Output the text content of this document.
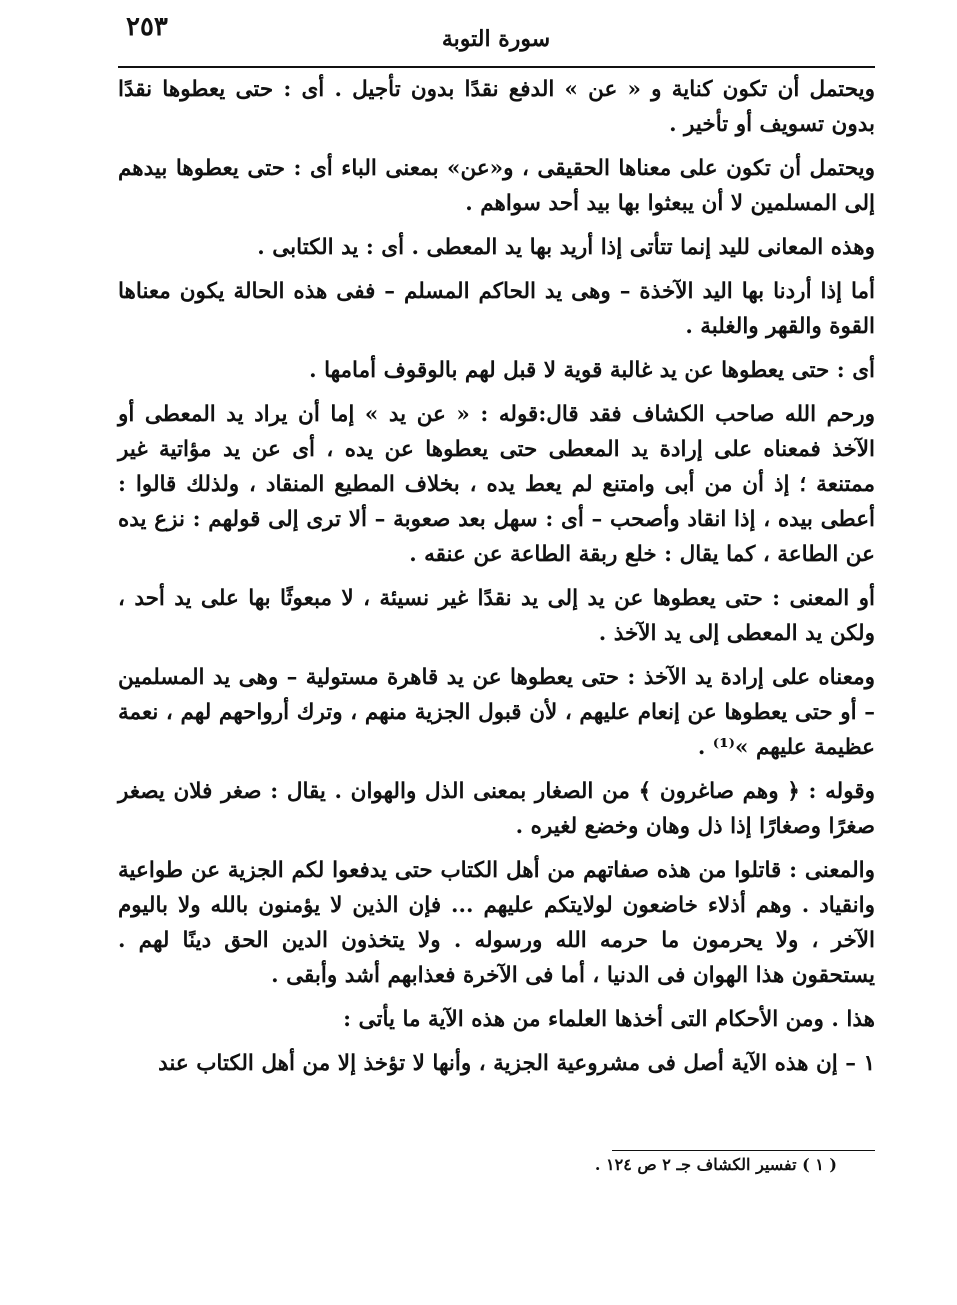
٢٥٣	سورة التوبة

ويحتمل أن تكون كناية و « عن » الدفع نقدًا بدون تأجيل . أى : حتى يعطوها نقدًا بدون تسويف أو تأخير .

ويحتمل أن تكون على معناها الحقيقى ، و«عن» بمعنى الباء أى : حتى يعطوها بيدهم إلى المسلمين لا أن يبعثوا بها بيد أحد سواهم .

وهذه المعانى لليد إنما تتأتى إذا أريد بها يد المعطى . أى : يد الكتابى .

أما إذا أردنا بها اليد الآخذة – وهى يد الحاكم المسلم – ففى هذه الحالة يكون معناها القوة والقهر والغلبة .

أى : حتى يعطوها عن يد غالبة قوية لا قبل لهم بالوقوف أمامها .

ورحم الله صاحب الكشاف فقد قال:قوله : « عن يد » إما أن يراد يد المعطى أو الآخذ فمعناه على إرادة يد المعطى حتى يعطوها عن يده ، أى عن يد مؤاتية غير ممتنعة ؛ إذ أن من أبى وامتنع لم يعط يده ، بخلاف المطيع المنقاد ، ولذلك قالوا : أعطى بيده ، إذا انقاد وأصحب – أى : سهل بعد صعوبة – ألا ترى إلى قولهم : نزع يده عن الطاعة ، كما يقال : خلع ربقة الطاعة عن عنقه .

أو المعنى : حتى يعطوها عن يد إلى يد نقدًا غير نسيئة ، لا مبعوثًا بها على يد أحد ، ولكن يد المعطى إلى يد الآخذ .

ومعناه على إرادة يد الآخذ : حتى يعطوها عن يد قاهرة مستولية – وهى يد المسلمين – أو حتى يعطوها عن إنعام عليهم ، لأن قبول الجزية منهم ، وترك أرواحهم لهم ، نعمة عظيمة عليهم »⁽¹⁾ .

وقوله : ﴿ وهم صاغرون ﴾ من الصغار بمعنى الذل والهوان . يقال : صغر فلان يصغر صغرًا وصغارًا إذا ذل وهان وخضع لغيره .

والمعنى : قاتلوا من هذه صفاتهم من أهل الكتاب حتى يدفعوا لكم الجزية عن طواعية وانقياد . وهم أذلاء خاضعون لولايتكم عليهم ... فإن الذين لا يؤمنون بالله ولا باليوم الآخر ، ولا يحرمون ما حرمه الله ورسوله . ولا يتخذون الدين الحق دينًا لهم . يستحقون هذا الهوان فى الدنيا ، أما فى الآخرة فعذابهم أشد وأبقى .

هذا . ومن الأحكام التى أخذها العلماء من هذه الآية ما يأتى :

١ – إن هذه الآية أصل فى مشروعية الجزية ، وأنها لا تؤخذ إلا من أهل الكتاب عند

( ١ ) تفسير الكشاف جـ ٢ ص ١٢٤ .
